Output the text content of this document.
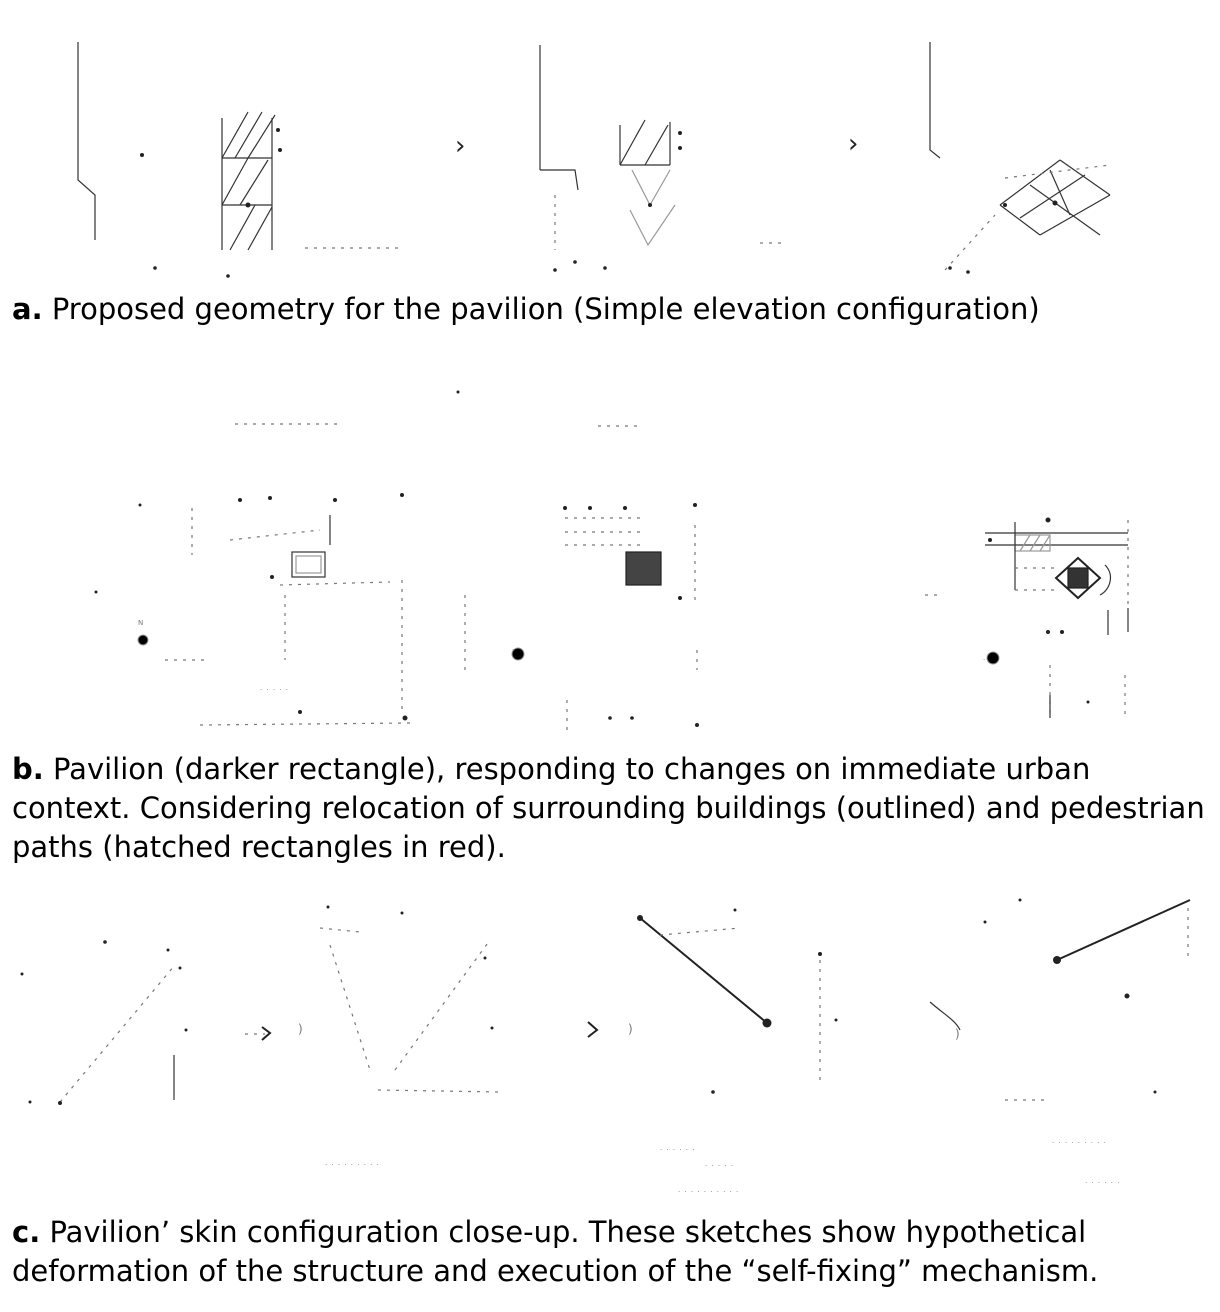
›	›
a. Proposed geometry for the pavilion (Simple elevation configuration)
N
· · · · ·
·
b. Pavilion (darker rectangle), responding to changes on immediate urban context. Considering relocation of surrounding buildings (outlined) and pedestrian paths (hatched rectangles in red).
)
· · · · · · · · ·
)
· · · · · ·
· · · · ·
· · · · · · · · · ·
)
· · · · · · · · ·
· · · · · ·
c. Pavilion’ skin configuration close-up. These sketches show hypothetical deformation of the structure and execution of the “self-fixing” mechanism.
